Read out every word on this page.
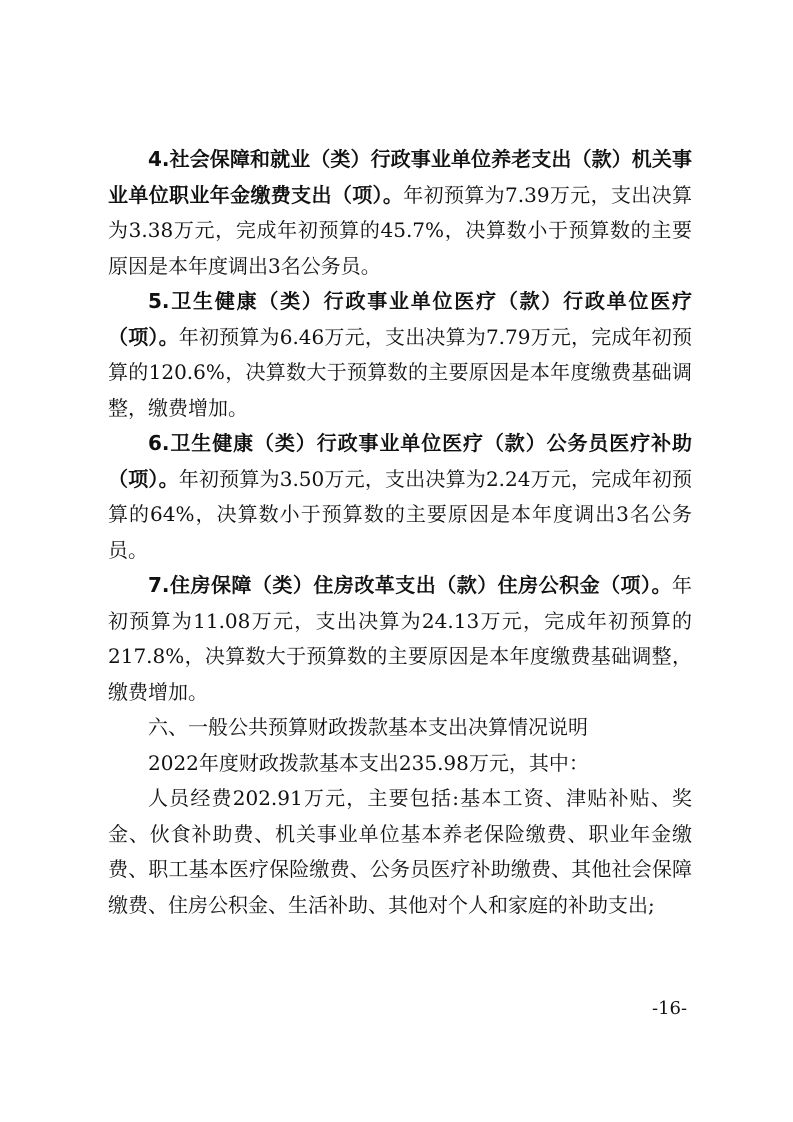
4.社会保障和就业（类）行政事业单位养老支出（款）机关事业单位职业年金缴费支出（项）。年初预算为7.39万元，支出决算为3.38万元，完成年初预算的45.7%，决算数小于预算数的主要原因是本年度调出3名公务员。

5.卫生健康（类）行政事业单位医疗（款）行政单位医疗（项）。年初预算为6.46万元，支出决算为7.79万元，完成年初预算的120.6%，决算数大于预算数的主要原因是本年度缴费基础调整，缴费增加。

6.卫生健康（类）行政事业单位医疗（款）公务员医疗补助（项）。年初预算为3.50万元，支出决算为2.24万元，完成年初预算的64%，决算数小于预算数的主要原因是本年度调出3名公务员。

7.住房保障（类）住房改革支出（款）住房公积金（项）。年初预算为11.08万元，支出决算为24.13万元，完成年初预算的217.8%，决算数大于预算数的主要原因是本年度缴费基础调整，缴费增加。

六、一般公共预算财政拨款基本支出决算情况说明

2022年度财政拨款基本支出235.98万元，其中：

人员经费202.91万元，主要包括:基本工资、津贴补贴、奖金、伙食补助费、机关事业单位基本养老保险缴费、职业年金缴费、职工基本医疗保险缴费、公务员医疗补助缴费、其他社会保障缴费、住房公积金、生活补助、其他对个人和家庭的补助支出;

-16-
